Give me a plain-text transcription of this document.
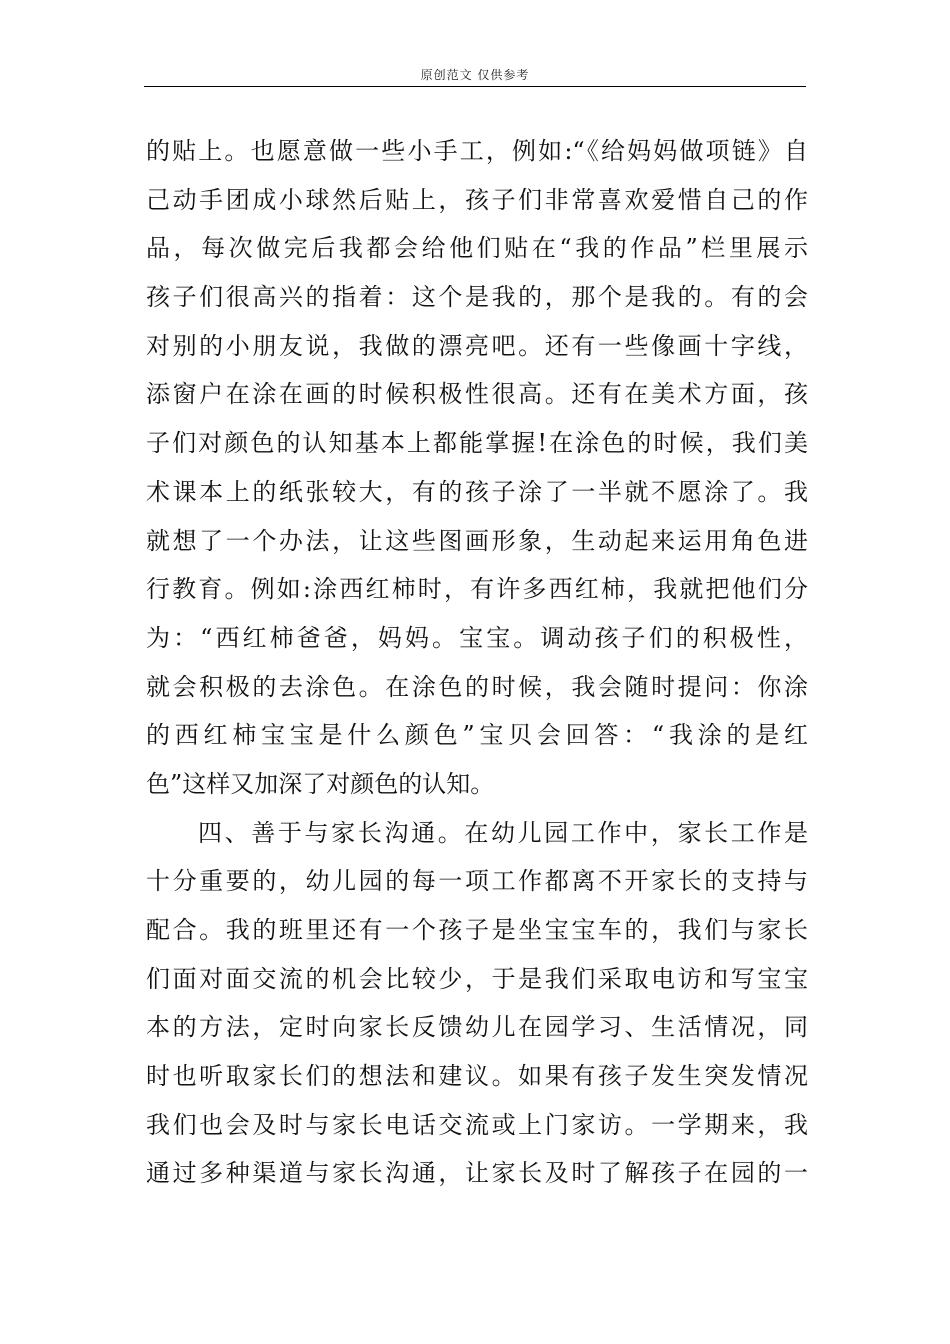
原创范文 仅供参考
的贴上。也愿意做一些小手工，例如:“《给妈妈做项链》自
己动手团成小球然后贴上，孩子们非常喜欢爱惜自己的作
品，每次做完后我都会给他们贴在“我的作品”栏里展示
孩子们很高兴的指着：这个是我的，那个是我的。有的会
对别的小朋友说，我做的漂亮吧。还有一些像画十字线，
添窗户在涂在画的时候积极性很高。还有在美术方面，孩
子们对颜色的认知基本上都能掌握!在涂色的时候，我们美
术课本上的纸张较大，有的孩子涂了一半就不愿涂了。我
就想了一个办法，让这些图画形象，生动起来运用角色进
行教育。例如:涂西红柿时，有许多西红柿，我就把他们分
为：“西红柿爸爸，妈妈。宝宝。调动孩子们的积极性，
就会积极的去涂色。在涂色的时候，我会随时提问：你涂
的西红柿宝宝是什么颜色”宝贝会回答：“我涂的是红
色”这样又加深了对颜色的认知。
四、善于与家长沟通。在幼儿园工作中，家长工作是
十分重要的，幼儿园的每一项工作都离不开家长的支持与
配合。我的班里还有一个孩子是坐宝宝车的，我们与家长
们面对面交流的机会比较少，于是我们采取电访和写宝宝
本的方法，定时向家长反馈幼儿在园学习、生活情况，同
时也听取家长们的想法和建议。如果有孩子发生突发情况
我们也会及时与家长电话交流或上门家访。一学期来，我
通过多种渠道与家长沟通，让家长及时了解孩子在园的一
